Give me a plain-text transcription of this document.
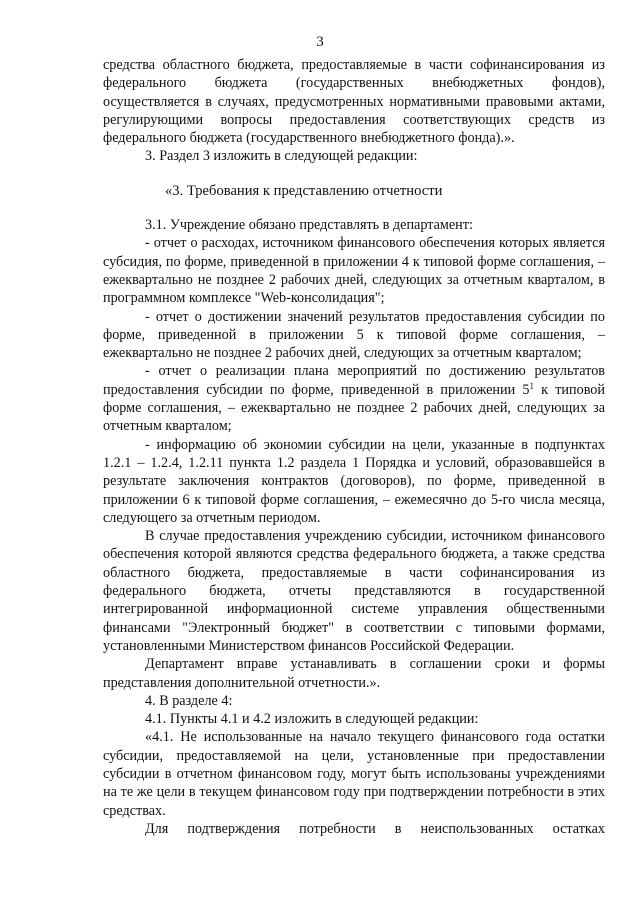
3

средства областного бюджета, предоставляемые в части софинансирования из федерального бюджета (государственных внебюджетных фондов), осуществляется в случаях, предусмотренных нормативными правовыми актами, регулирующими вопросы предоставления соответствующих средств из федерального бюджета (государственного внебюджетного фонда).».

3. Раздел 3 изложить в следующей редакции:

«3. Требования к представлению отчетности

3.1. Учреждение обязано представлять в департамент:

- отчет о расходах, источником финансового обеспечения которых является субсидия, по форме, приведенной в приложении 4 к типовой форме соглашения, – ежеквартально не позднее 2 рабочих дней, следующих за отчетным кварталом, в программном комплексе "Web-консолидация";

- отчет о достижении значений результатов предоставления субсидии по форме, приведенной в приложении 5 к типовой форме соглашения, – ежеквартально не позднее 2 рабочих дней, следующих за отчетным кварталом;

- отчет о реализации плана мероприятий по достижению результатов предоставления субсидии по форме, приведенной в приложении $5^1$ к типовой форме соглашения, – ежеквартально не позднее 2 рабочих дней, следующих за отчетным кварталом;

- информацию об экономии субсидии на цели, указанные в подпунктах 1.2.1 – 1.2.4, 1.2.11 пункта 1.2 раздела 1 Порядка и условий, образовавшейся в результате заключения контрактов (договоров), по форме, приведенной в приложении 6 к типовой форме соглашения, – ежемесячно до 5-го числа месяца, следующего за отчетным периодом.

В случае предоставления учреждению субсидии, источником финансового обеспечения которой являются средства федерального бюджета, а также средства областного бюджета, предоставляемые в части софинансирования из федерального бюджета, отчеты представляются в государственной интегрированной информационной системе управления общественными финансами "Электронный бюджет" в соответствии с типовыми формами, установленными Министерством финансов Российской Федерации.

Департамент вправе устанавливать в соглашении сроки и формы представления дополнительной отчетности.».

4. В разделе 4:

4.1. Пункты 4.1 и 4.2 изложить в следующей редакции:

«4.1. Не использованные на начало текущего финансового года остатки субсидии, предоставляемой на цели, установленные при предоставлении субсидии в отчетном финансовом году, могут быть использованы учреждениями на те же цели в текущем финансовом году при подтверждении потребности в этих средствах.

Для подтверждения потребности в неиспользованных остатках
